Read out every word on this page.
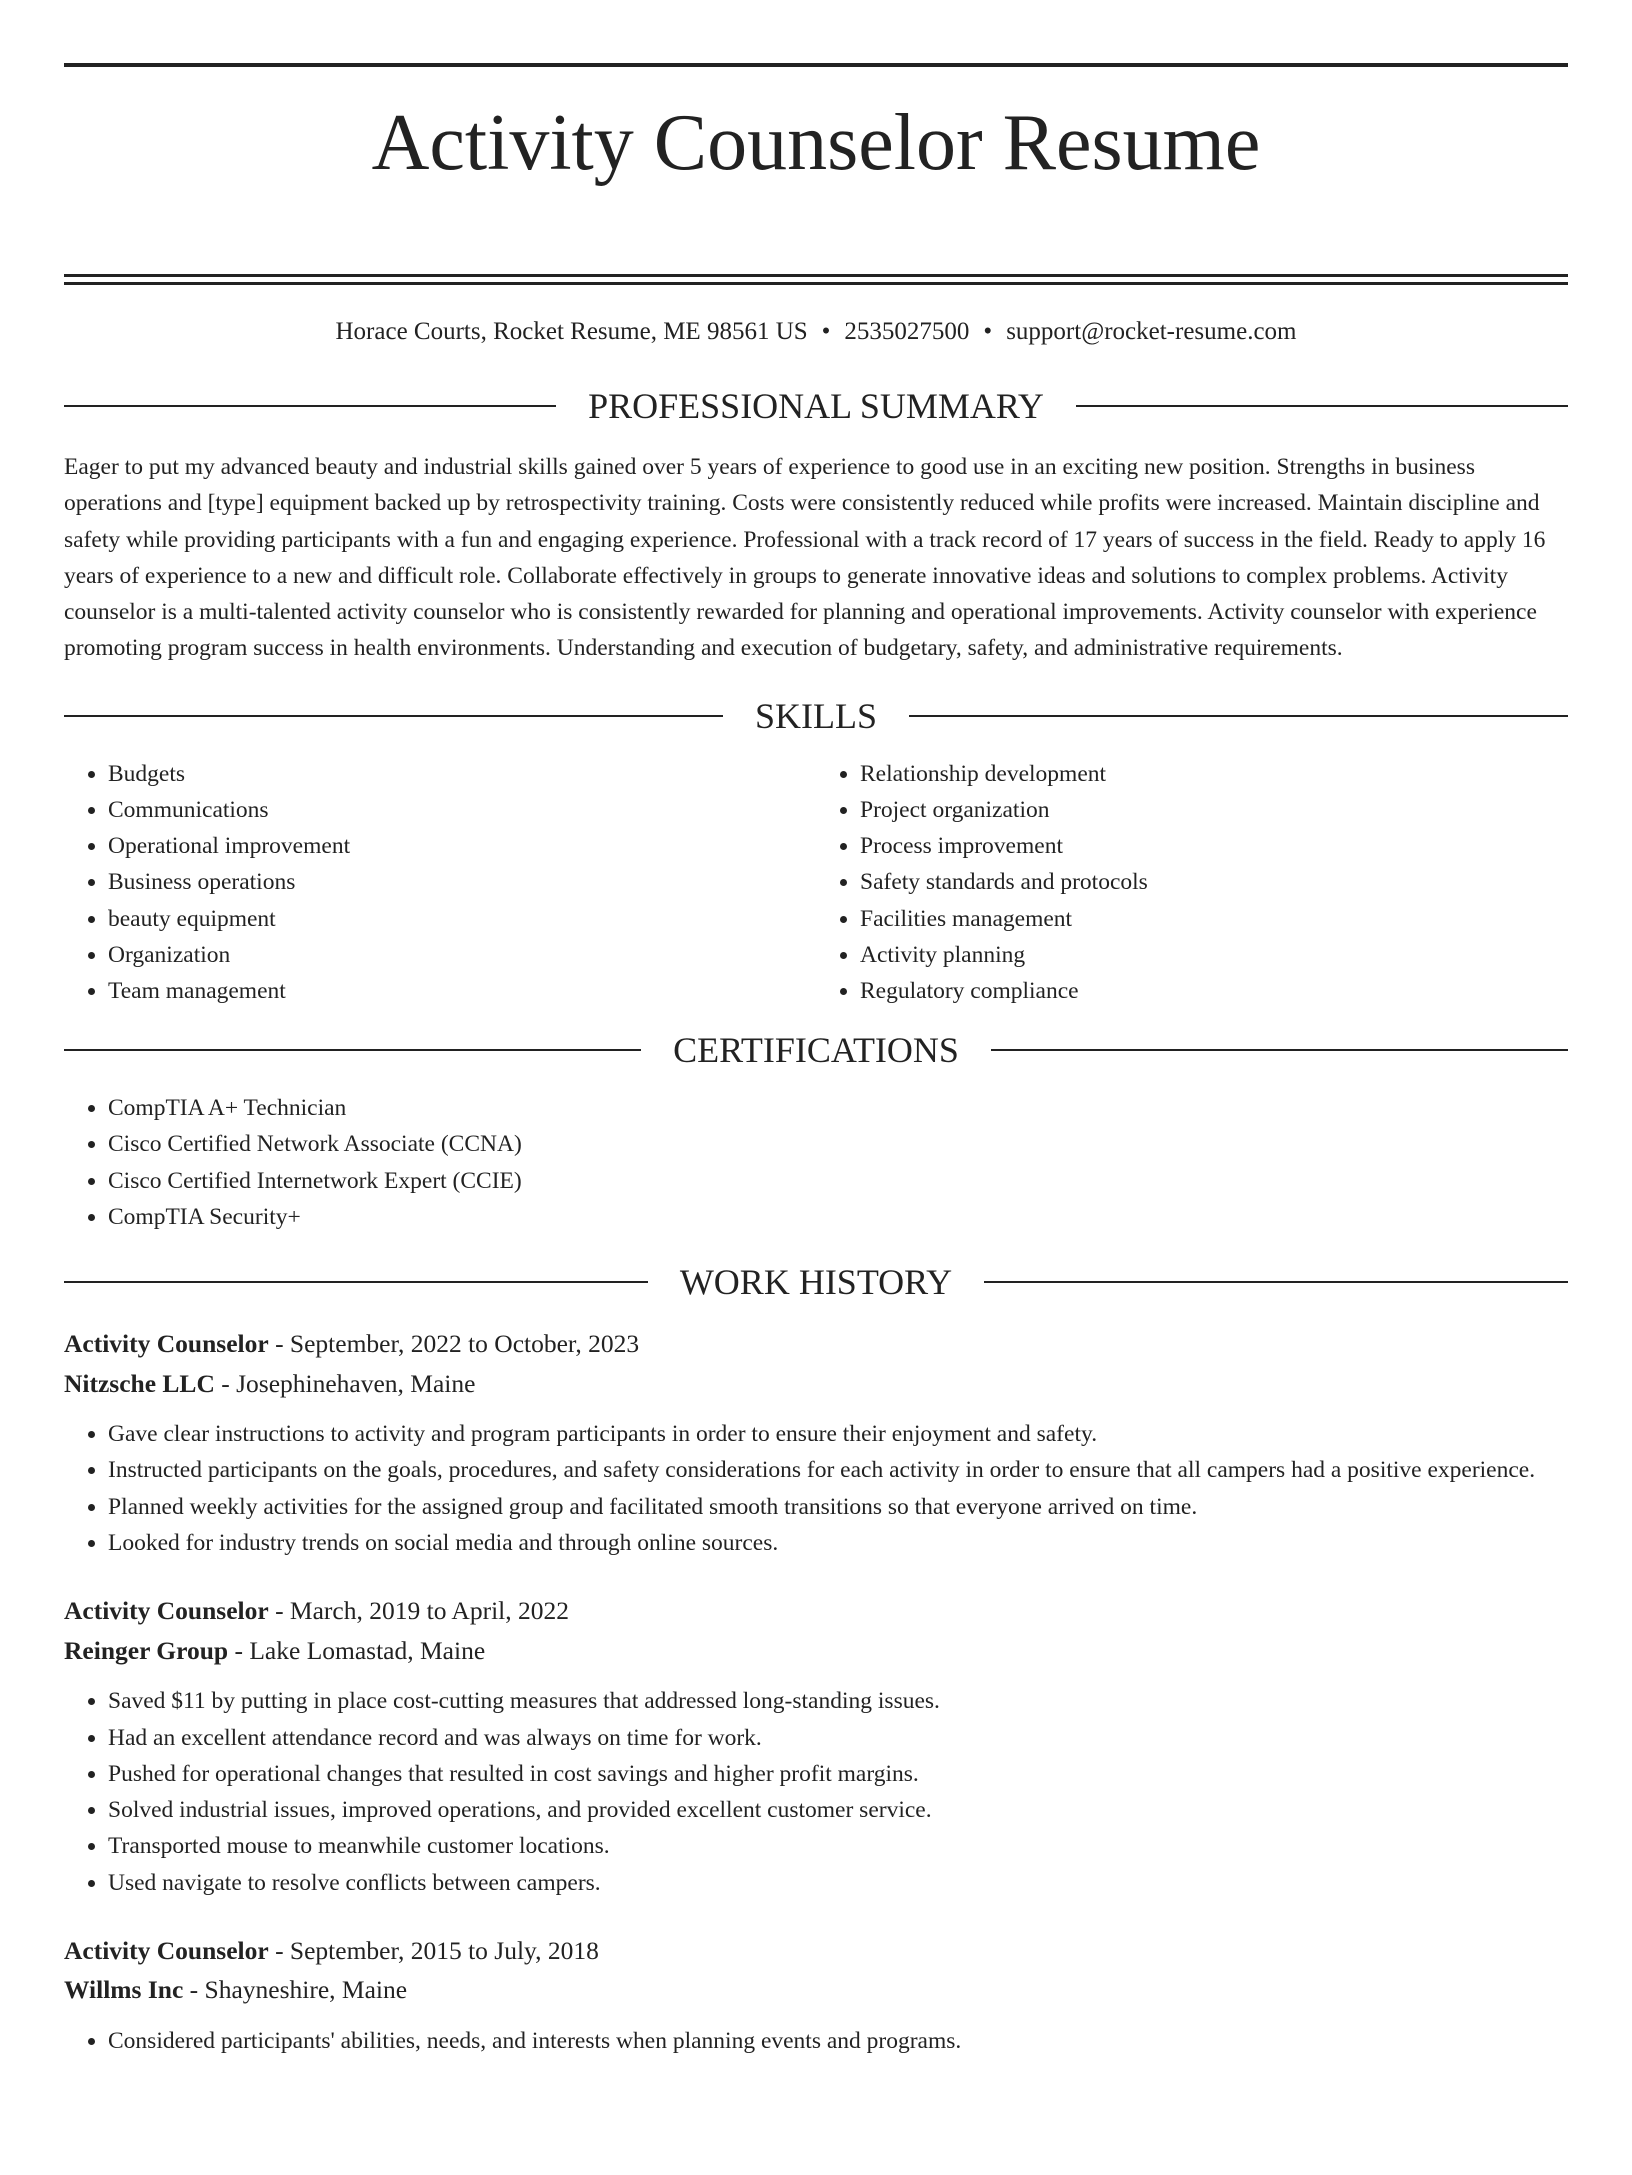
Activity Counselor Resume
Horace Courts, Rocket Resume, ME 98561 US • 2535027500 • support@rocket-resume.com
PROFESSIONAL SUMMARY

Eager to put my advanced beauty and industrial skills gained over 5 years of experience to good use in an exciting new position. Strengths in business operations and [type] equipment backed up by retrospectivity training. Costs were consistently reduced while profits were increased. Maintain discipline and safety while providing participants with a fun and engaging experience. Professional with a track record of 17 years of success in the field. Ready to apply 16 years of experience to a new and difficult role. Collaborate effectively in groups to generate innovative ideas and solutions to complex problems. Activity counselor is a multi-talented activity counselor who is consistently rewarded for planning and operational improvements. Activity counselor with experience promoting program success in health environments. Understanding and execution of budgetary, safety, and administrative requirements.

SKILLS
• Budgets
• Communications
• Operational improvement
• Business operations
• beauty equipment
• Organization
• Team management
• Relationship development
• Project organization
• Process improvement
• Safety standards and protocols
• Facilities management
• Activity planning
• Regulatory compliance
CERTIFICATIONS
• CompTIA A+ Technician
• Cisco Certified Network Associate (CCNA)
• Cisco Certified Internetwork Expert (CCIE)
• CompTIA Security+
WORK HISTORY
Activity Counselor - September, 2022 to October, 2023
Nitzsche LLC - Josephinehaven, Maine
• Gave clear instructions to activity and program participants in order to ensure their enjoyment and safety.
• Instructed participants on the goals, procedures, and safety considerations for each activity in order to ensure that all campers had a positive experience.
• Planned weekly activities for the assigned group and facilitated smooth transitions so that everyone arrived on time.
• Looked for industry trends on social media and through online sources.
Activity Counselor - March, 2019 to April, 2022
Reinger Group - Lake Lomastad, Maine
• Saved $11 by putting in place cost-cutting measures that addressed long-standing issues.
• Had an excellent attendance record and was always on time for work.
• Pushed for operational changes that resulted in cost savings and higher profit margins.
• Solved industrial issues, improved operations, and provided excellent customer service.
• Transported mouse to meanwhile customer locations.
• Used navigate to resolve conflicts between campers.
Activity Counselor - September, 2015 to July, 2018
Willms Inc - Shayneshire, Maine
• Considered participants' abilities, needs, and interests when planning events and programs.
